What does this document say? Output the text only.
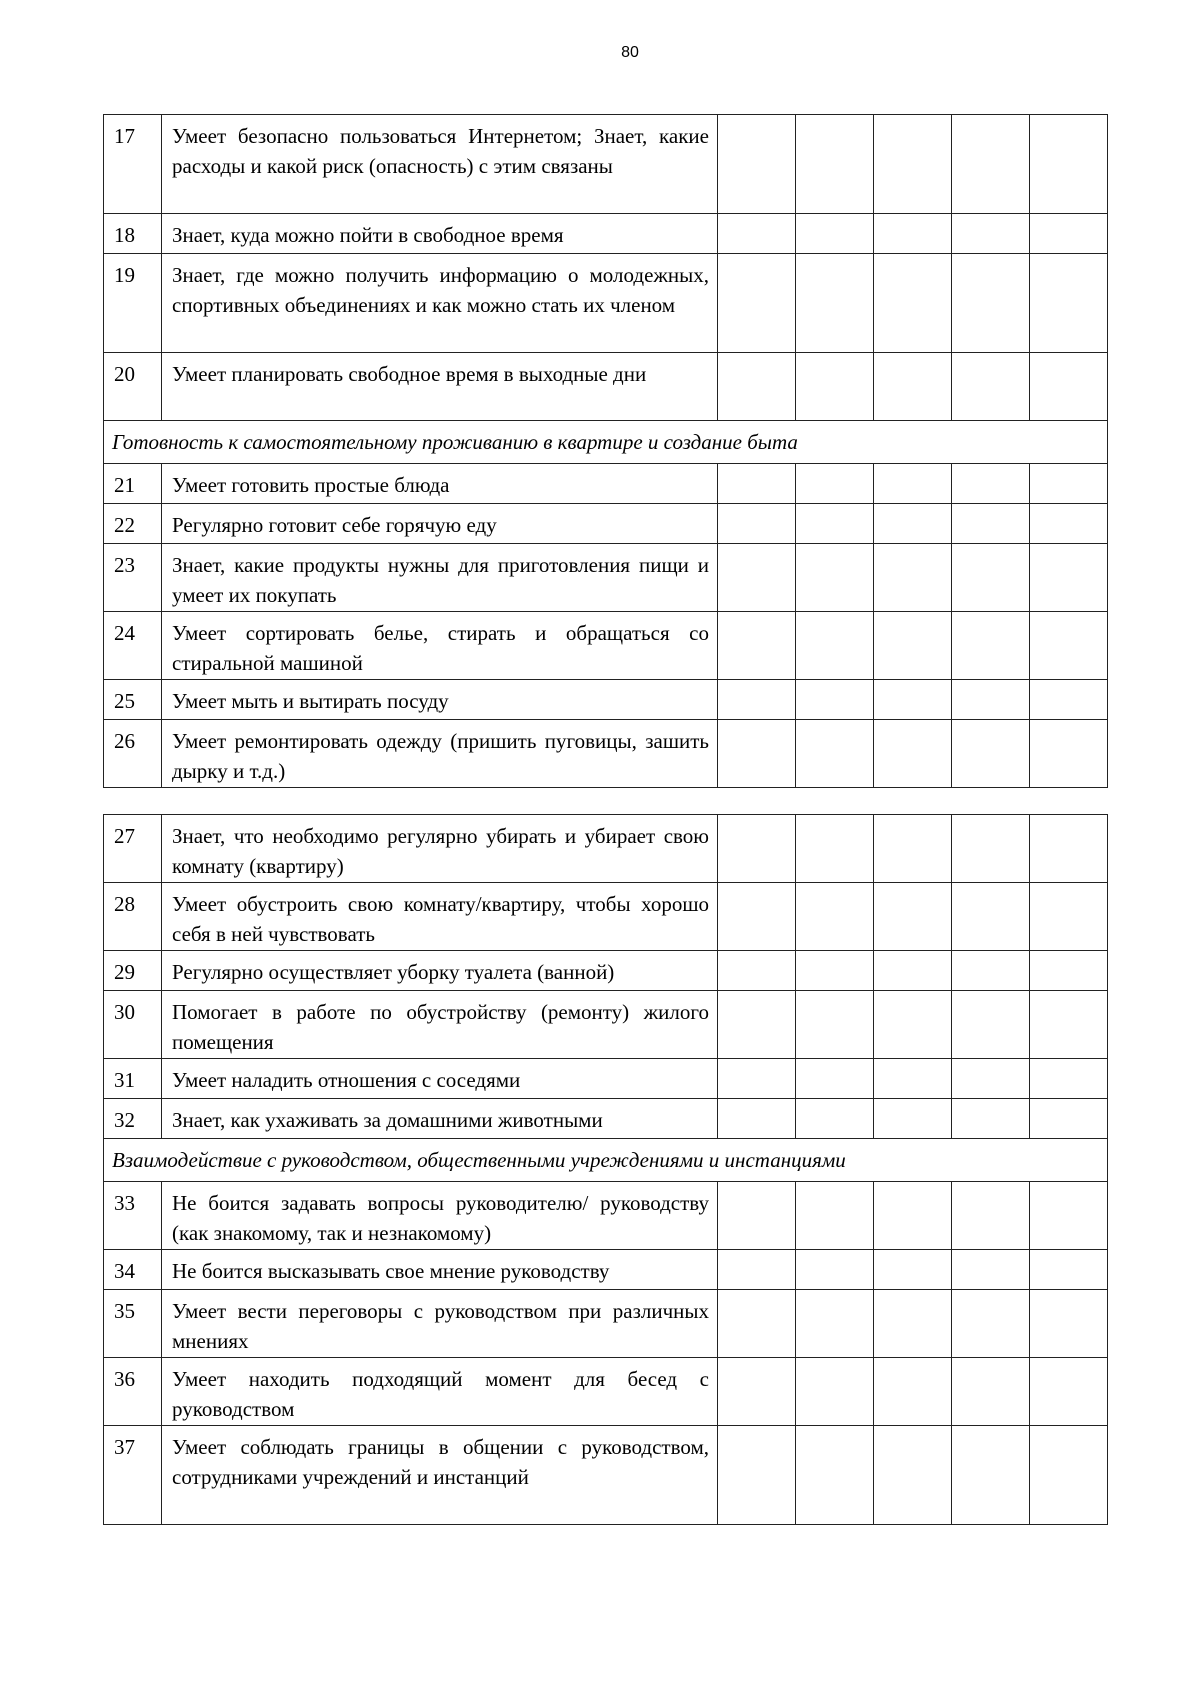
80
17	Умеет безопасно пользоваться Интернетом; Знает, какие расходы и какой риск (опасность) с этим связаны					
18	Знает, куда можно пойти в свободное время					
19	Знает, где можно получить информацию о молодежных, спортивных объединениях и как можно стать их членом					
20	Умеет планировать свободное время в выходные дни					
Готовность к самостоятельному проживанию в квартире и создание быта						
21	Умеет готовить простые блюда					
22	Регулярно готовит себе горячую еду					
23	Знает, какие продукты нужны для приготовления пищи и умеет их покупать					
24	Умеет сортировать белье, стирать и обращаться со стиральной машиной					
25	Умеет мыть и вытирать посуду					
26	Умеет ремонтировать одежду (пришить пуговицы, зашить дырку и т.д.)					
27	Знает, что необходимо регулярно убирать и убирает свою комнату (квартиру)					
28	Умеет обустроить свою комнату/квартиру, чтобы хорошо себя в ней чувствовать					
29	Регулярно осуществляет уборку туалета (ванной)					
30	Помогает в работе по обустройству (ремонту) жилого помещения					
31	Умеет наладить отношения с соседями					
32	Знает, как ухаживать за домашними животными					
Взаимодействие с руководством, общественными учреждениями и инстанциями						
33	Не боится задавать вопросы руководителю/ руководству (как знакомому, так и незнакомому)					
34	Не боится высказывать свое мнение руководству					
35	Умеет вести переговоры с руководством при различных мнениях					
36	Умеет находить подходящий момент для бесед с руководством					
37	Умеет соблюдать границы в общении с руководством, сотрудниками учреждений и инстанций					
